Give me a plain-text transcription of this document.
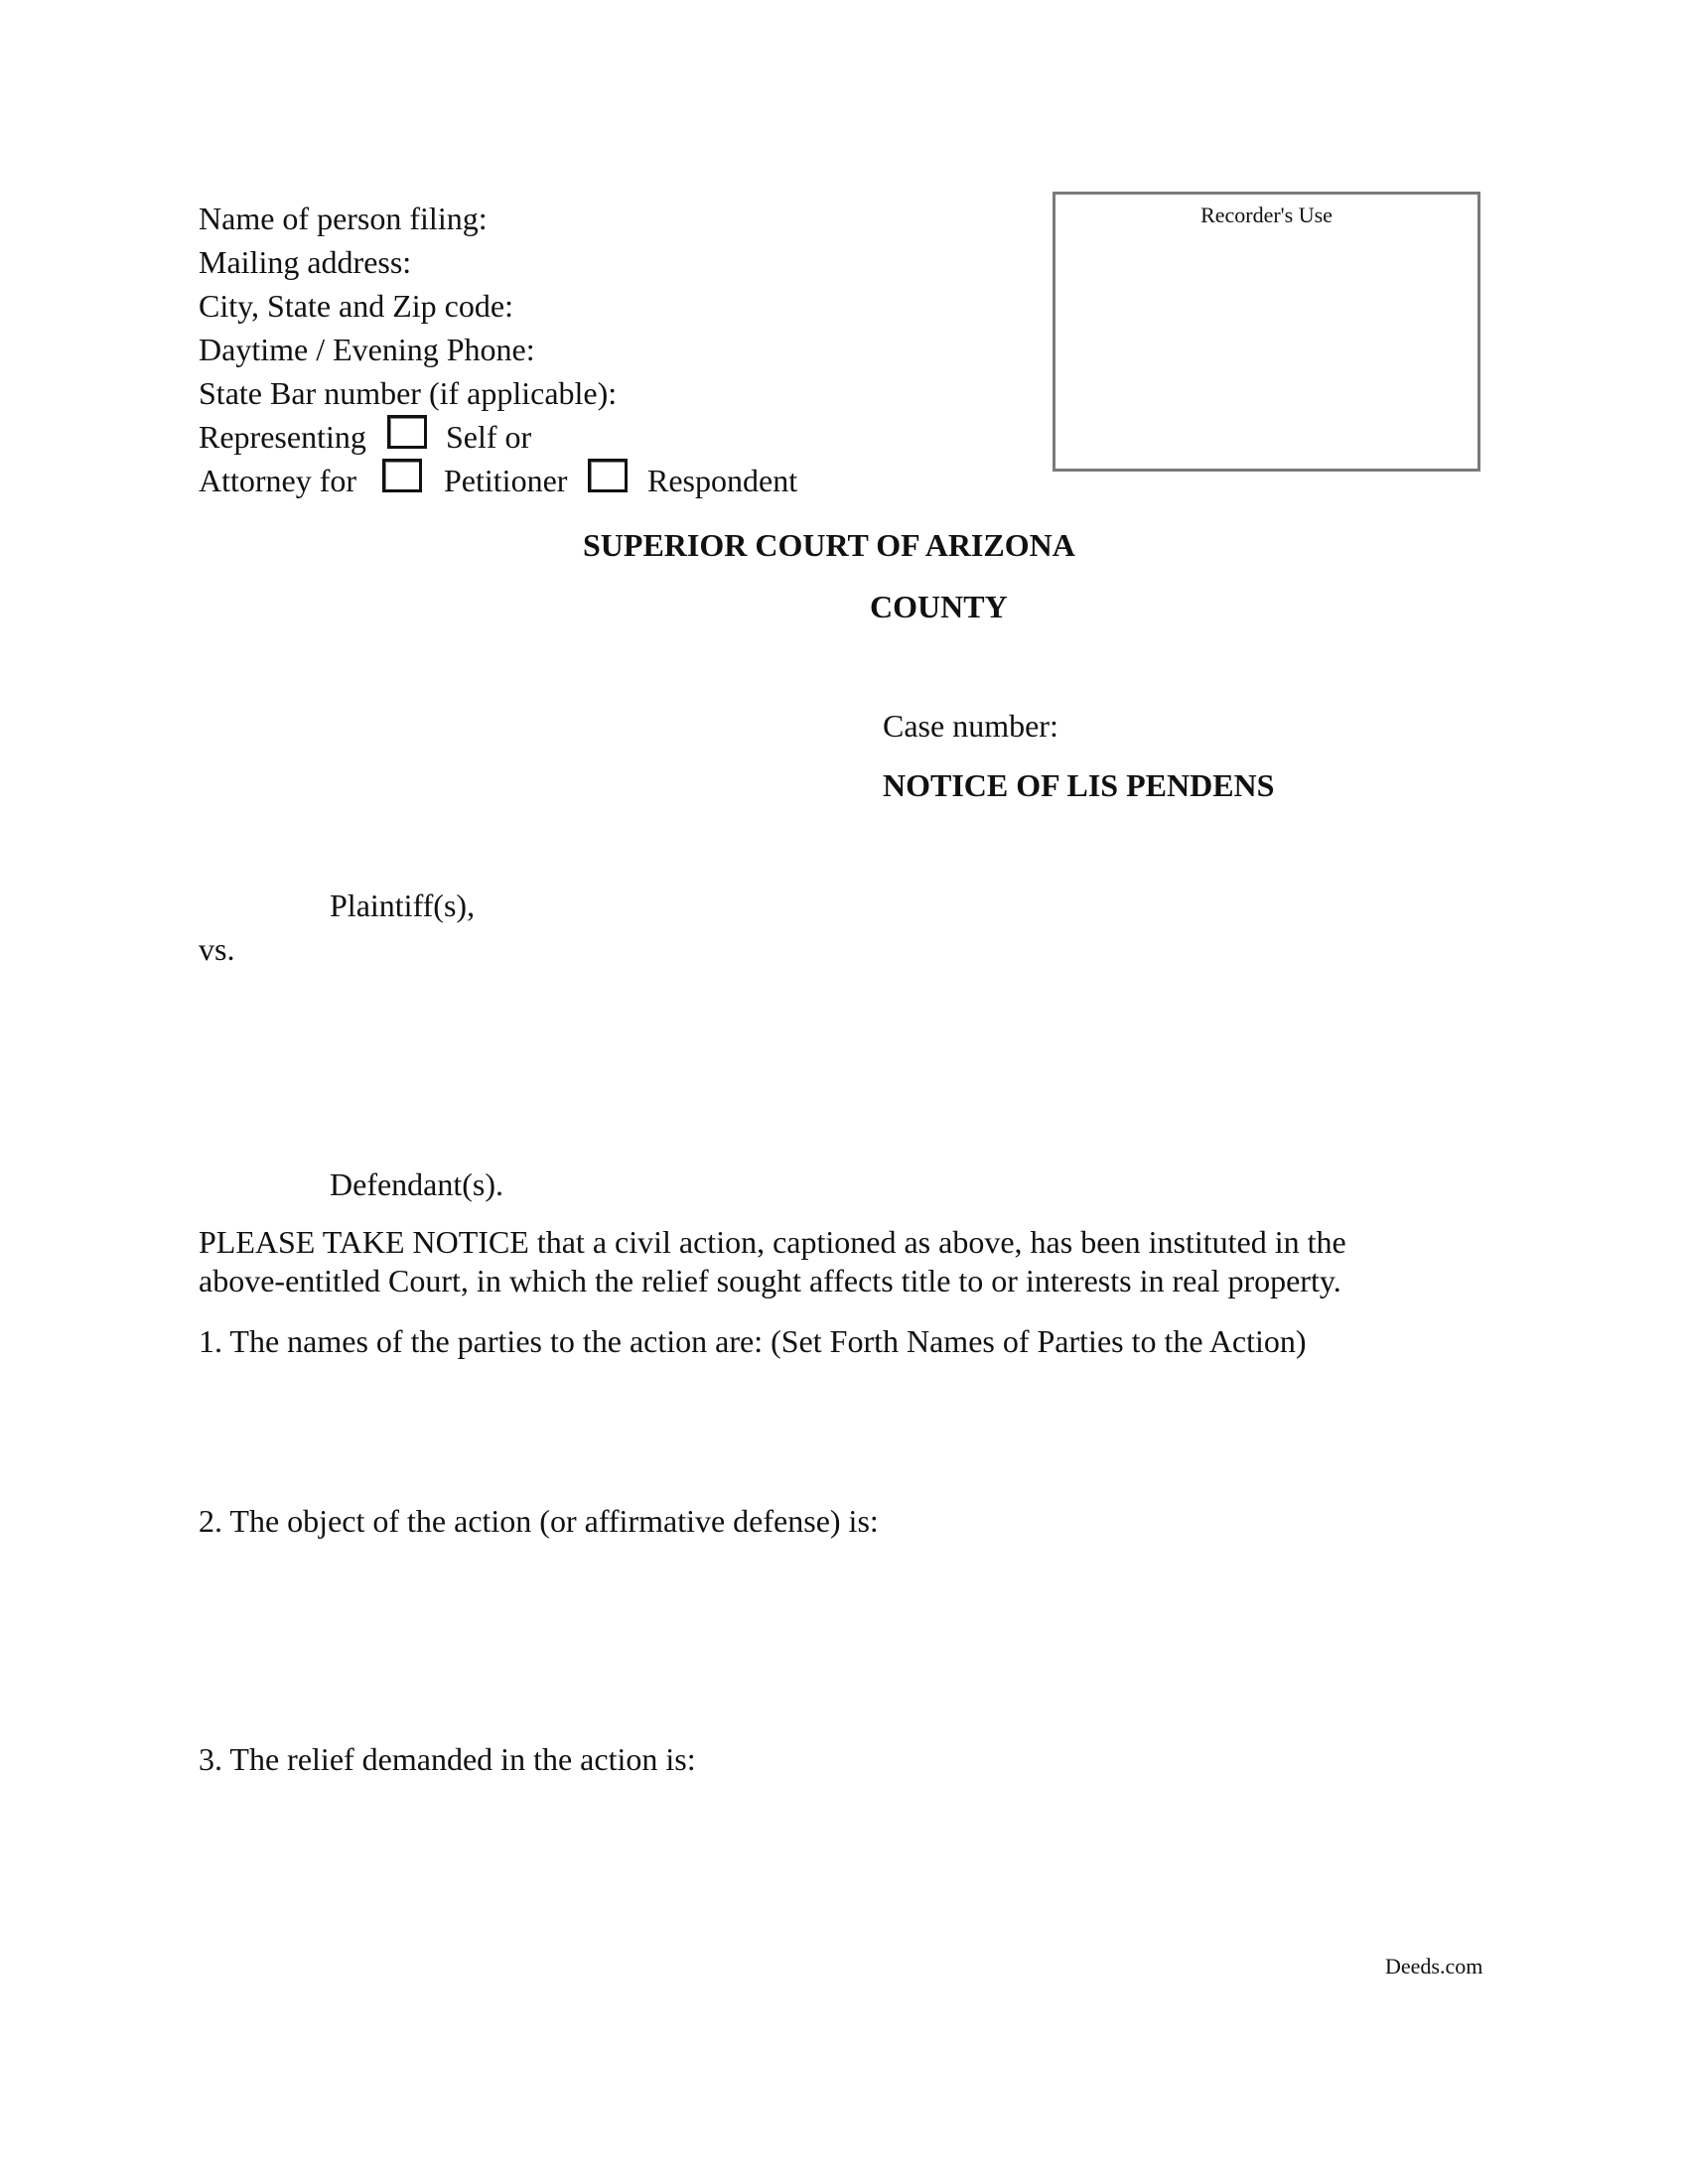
Name of person filing:
Mailing address:
City, State and Zip code:
Daytime / Evening Phone:
State Bar number (if applicable):
Representing	Self or
Attorney for	Petitioner	Respondent
Recorder's Use
SUPERIOR COURT OF ARIZONA
COUNTY
Case number:
NOTICE OF LIS PENDENS
Plaintiff(s),
vs.
Defendant(s).
PLEASE TAKE NOTICE that a civil action, captioned as above, has been instituted in the
above-entitled Court, in which the relief sought affects title to or interests in real property.
1. The names of the parties to the action are: (Set Forth Names of Parties to the Action)
2. The object of the action (or affirmative defense) is:
3. The relief demanded in the action is:
Deeds.com
